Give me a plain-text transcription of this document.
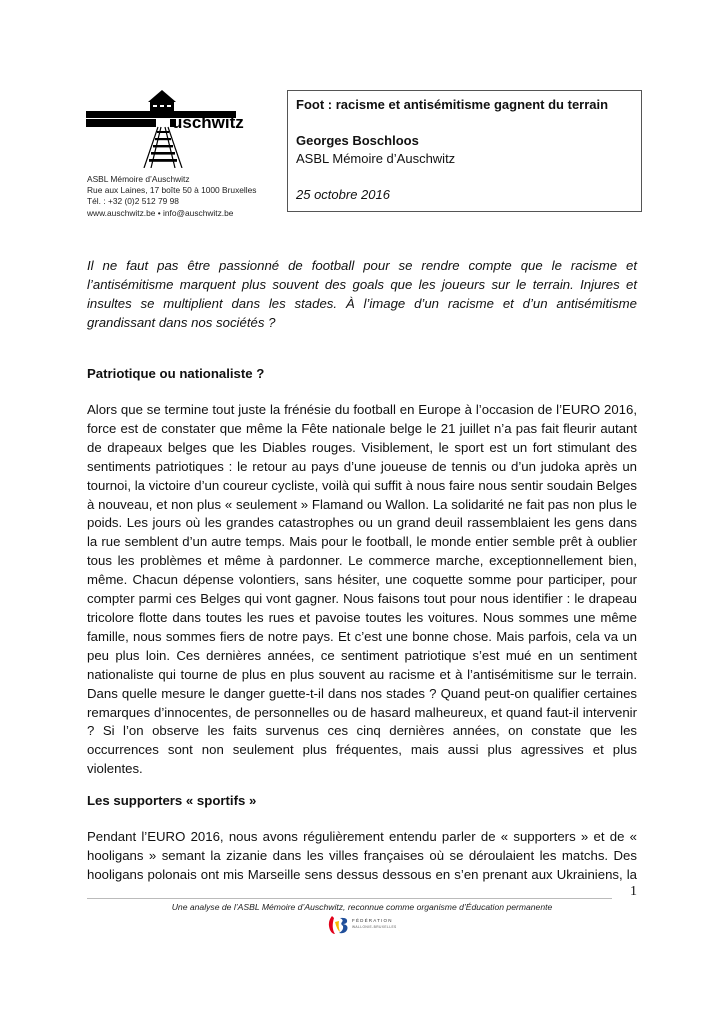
uschwitz
ASBL Mémoire d’Auschwitz
Rue aux Laines, 17 boîte 50 à 1000 Bruxelles
Tél. : +32 (0)2 512 79 98
www.auschwitz.be • info@auschwitz.be
Foot : racisme et antisémitisme gagnent du terrain
Georges Boschloos
ASBL Mémoire d’Auschwitz
25 octobre 2016
Il ne faut pas être passionné de football pour se rendre compte que le racisme et l’antisémitisme marquent plus souvent des goals que les joueurs sur le terrain. Injures et insultes se multiplient dans les stades. À l’image d’un racisme et d’un antisémitisme grandissant dans nos sociétés ?
Patriotique ou nationaliste ?
Alors que se termine tout juste la frénésie du football en Europe à l’occasion de l’EURO 2016, force est de constater que même la Fête nationale belge le 21 juillet n’a pas fait fleurir autant de drapeaux belges que les Diables rouges. Visiblement, le sport est un fort stimulant des sentiments patriotiques : le retour au pays d’une joueuse de tennis ou d’un judoka après un tournoi, la victoire d’un coureur cycliste, voilà qui suffit à nous faire nous sentir soudain Belges à nouveau, et non plus « seulement » Flamand ou Wallon. La solidarité ne fait pas non plus le poids. Les jours où les grandes catastrophes ou un grand deuil rassemblaient les gens dans la rue semblent d’un autre temps. Mais pour le football, le monde entier semble prêt à oublier tous les problèmes et même à pardonner. Le commerce marche, exceptionnellement bien, même. Chacun dépense volontiers, sans hésiter, une coquette somme pour participer, pour compter parmi ces Belges qui vont gagner. Nous faisons tout pour nous identifier : le drapeau tricolore flotte dans toutes les rues et pavoise toutes les voitures. Nous sommes une même famille, nous sommes fiers de notre pays. Et c’est une bonne chose. Mais parfois, cela va un peu plus loin. Ces dernières années, ce sentiment patriotique s’est mué en un sentiment nationaliste qui tourne de plus en plus souvent au racisme et à l’antisémitisme sur le terrain. Dans quelle mesure le danger guette-t-il dans nos stades ? Quand peut-on qualifier certaines remarques d’innocentes, de personnelles ou de hasard malheureux, et quand faut-il intervenir ? Si l’on observe les faits survenus ces cinq dernières années, on constate que les occurrences sont non seulement plus fréquentes, mais aussi plus agressives et plus violentes.
Les supporters « sportifs »
Pendant l’EURO 2016, nous avons régulièrement entendu parler de « supporters » et de « hooligans » semant la zizanie dans les villes françaises où se déroulaient les matchs. Des hooligans polonais ont mis Marseille sens dessus dessous en s’en prenant aux Ukrainiens, la
1
Une analyse de l’ASBL Mémoire d’Auschwitz, reconnue comme organisme d’Éducation permanente
FÉDÉRATION
WALLONIE-BRUXELLES
